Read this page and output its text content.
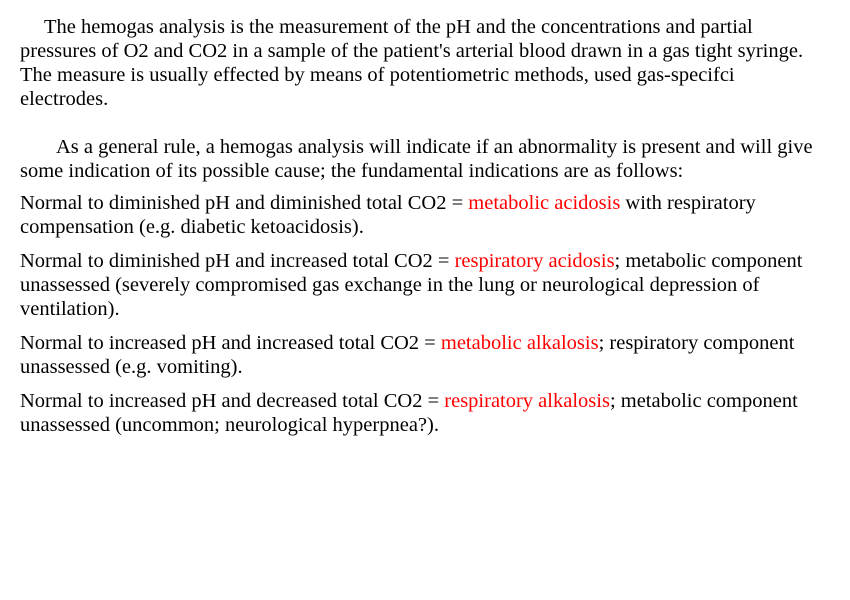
The hemogas analysis is the measurement of the pH and the concentrations and partial pressures of O2 and CO2 in a sample of the patient's arterial blood drawn in a gas tight syringe. The measure is usually effected by means of potentiometric methods, used gas-specifci electrodes.

As a general rule, a hemogas analysis will indicate if an abnormality is present and will give some indication of its possible cause; the fundamental indications are as follows:

Normal to diminished pH and diminished total CO2 = metabolic acidosis with respiratory compensation (e.g. diabetic ketoacidosis).

Normal to diminished pH and increased total CO2 = respiratory acidosis; metabolic component unassessed (severely compromised gas exchange in the lung or neurological depression of ventilation).

Normal to increased pH and increased total CO2 = metabolic alkalosis; respiratory component unassessed (e.g. vomiting).

Normal to increased pH and decreased total CO2 = respiratory alkalosis; metabolic component unassessed (uncommon; neurological hyperpnea?).
